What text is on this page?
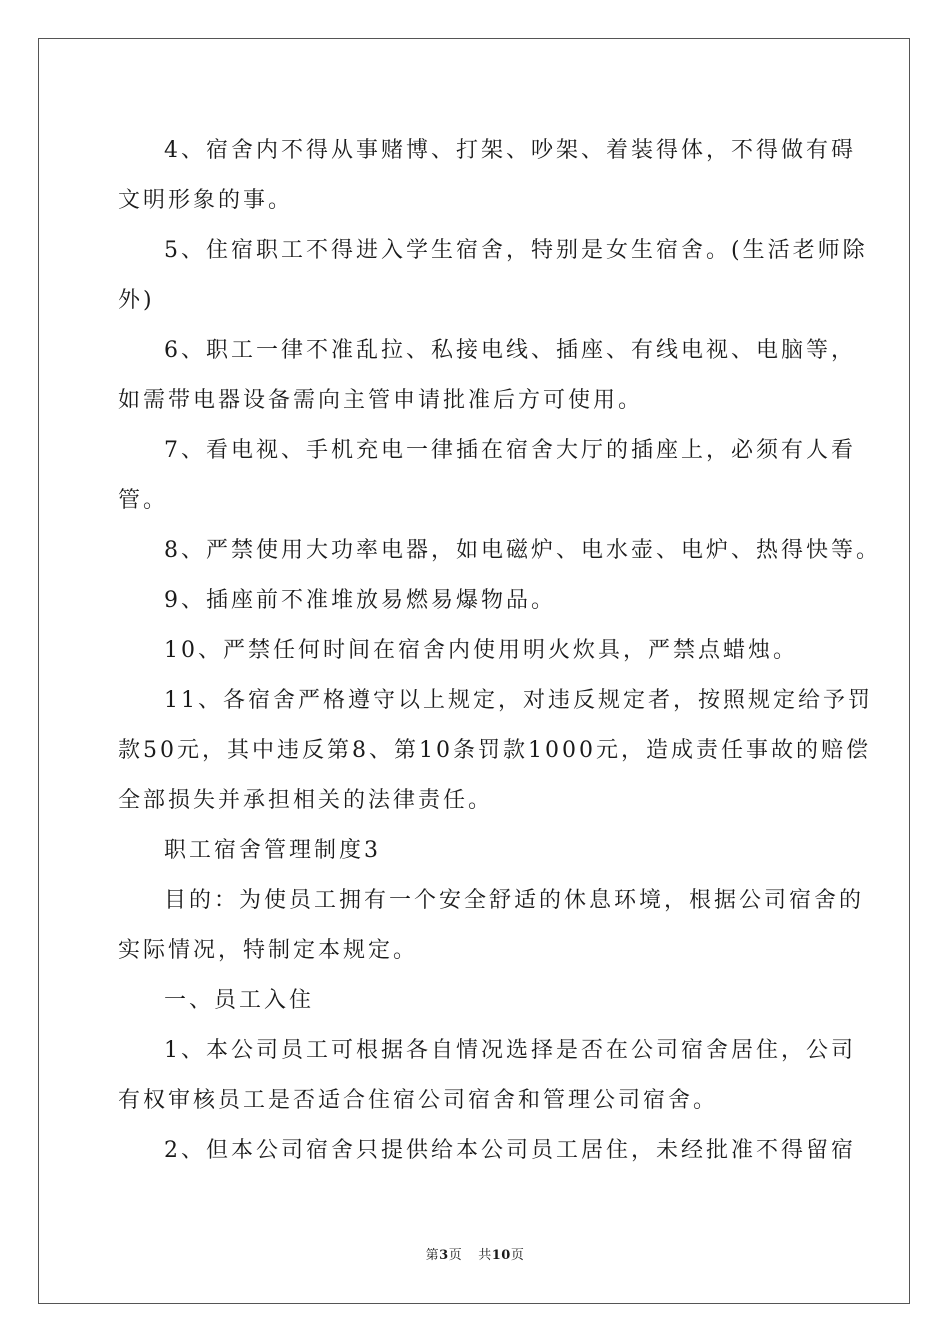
4、宿舍内不得从事赌博、打架、吵架、着装得体，不得做有碍
文明形象的事。
5、住宿职工不得进入学生宿舍，特别是女生宿舍。(生活老师除
外)
6、职工一律不准乱拉、私接电线、插座、有线电视、电脑等，
如需带电器设备需向主管申请批准后方可使用。
7、看电视、手机充电一律插在宿舍大厅的插座上，必须有人看
管。
8、严禁使用大功率电器，如电磁炉、电水壶、电炉、热得快等。
9、插座前不准堆放易燃易爆物品。
10、严禁任何时间在宿舍内使用明火炊具，严禁点蜡烛。
11、各宿舍严格遵守以上规定，对违反规定者，按照规定给予罚
款50元，其中违反第8、第10条罚款1000元，造成责任事故的赔偿
全部损失并承担相关的法律责任。
职工宿舍管理制度3
目的：为使员工拥有一个安全舒适的休息环境，根据公司宿舍的
实际情况，特制定本规定。
一、员工入住
1、本公司员工可根据各自情况选择是否在公司宿舍居住，公司
有权审核员工是否适合住宿公司宿舍和管理公司宿舍。
2、但本公司宿舍只提供给本公司员工居住，未经批准不得留宿
第3页 共10页
